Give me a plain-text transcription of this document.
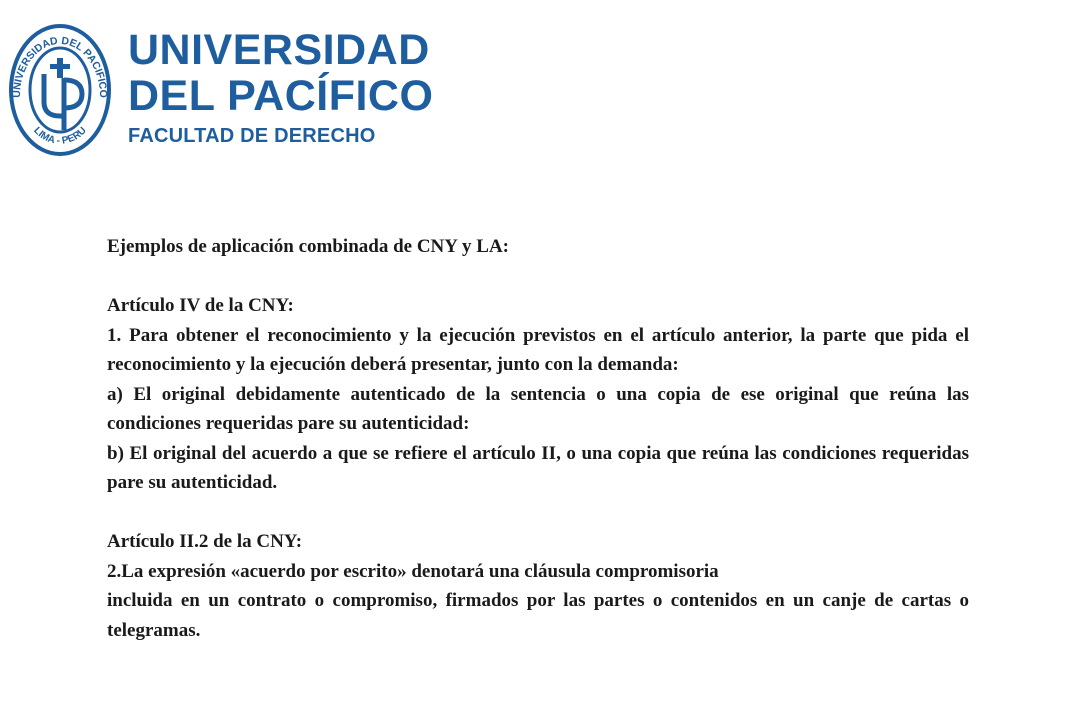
UNIVERSIDAD DEL PACIFICO
LIMA - PERU
UNIVERSIDAD
DEL PACÍFICO
FACULTAD DE DERECHO

Ejemplos de aplicación combinada de CNY y LA:

Artículo IV de la CNY:

1. Para obtener el reconocimiento y la ejecución previstos en el artículo anterior, la parte que pida el reconocimiento y la ejecución deberá presentar, junto con la demanda:

a) El original debidamente autenticado de la sentencia o una copia de ese original que reúna las condiciones requeridas pare su autenticidad:

b) El original del acuerdo a que se refiere el artículo II, o una copia que reúna las condiciones requeridas pare su autenticidad.

Artículo II.2 de la CNY:

2.La expresión «acuerdo por escrito» denotará una cláusula compromisoria

incluida en un contrato o compromiso, firmados por las partes o contenidos en un canje de cartas o telegramas.
